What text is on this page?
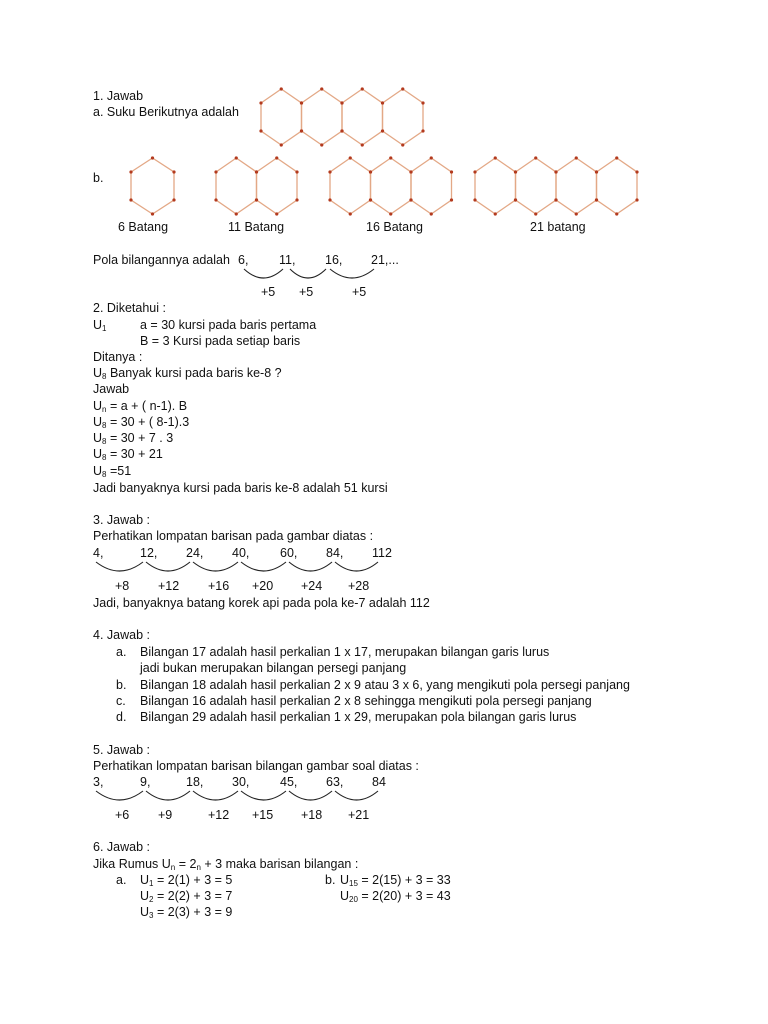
1. Jawab
a. Suku Berikutnya adalah
b.
6 Batang	11 Batang	16 Batang	21 batang
Pola bilangannya adalah 6, 11, 16, 21,...
+5 +5	+5
2. Diketahui :
$U_1$	a = 30 kursi pada baris pertama
B = 3 Kursi pada setiap baris
Ditanya :
$U_8$ Banyak kursi pada baris ke-8 ?
Jawab
$U_n = a$ + ( n-1). B
$U_8 = 30$ + ( 8-1).3
$U_8 = 30 + 7$ . 3
$U_8 = 30 + 21$
$U_8 =51$
Jadi banyaknya kursi pada baris ke-8 adalah 51 kursi
3. Jawab :
Perhatikan lompatan barisan pada gambar diatas :
4,	12, 24, 40, 60, 84, 112
+8 +12 +16 +20 +24 +28
Jadi, banyaknya batang korek api pada pola ke-7 adalah 112
4. Jawab :
a. Bilangan 17 adalah hasil perkalian 1 x 17, merupakan bilangan garis lurus
jadi bukan merupakan bilangan persegi panjang
b. Bilangan 18 adalah hasil perkalian 2 x 9 atau 3 x 6, yang mengikuti pola persegi panjang
c. Bilangan 16 adalah hasil perkalian 2 x 8 sehingga mengikuti pola persegi panjang
d. Bilangan 29 adalah hasil perkalian 1 x 29, merupakan pola bilangan garis lurus
5. Jawab :
Perhatikan lompatan barisan bilangan gambar soal diatas :
3,	9,	18, 30, 45, 63, 84
+6 +9	+12 +15 +18 +21
6. Jawab :
Jika Rumus $U_n = 2_n + 3$ maka barisan bilangan :
a. $U_1 = 2(1) + 3 = 5$
$U_2 = 2(2) + 3 = 7$
$U_3 = 2(3) + 3 = 9$
b. $U_{15} = 2(15) + 3 = 33$
$U_{20} = 2(20) + 3 = 43$
